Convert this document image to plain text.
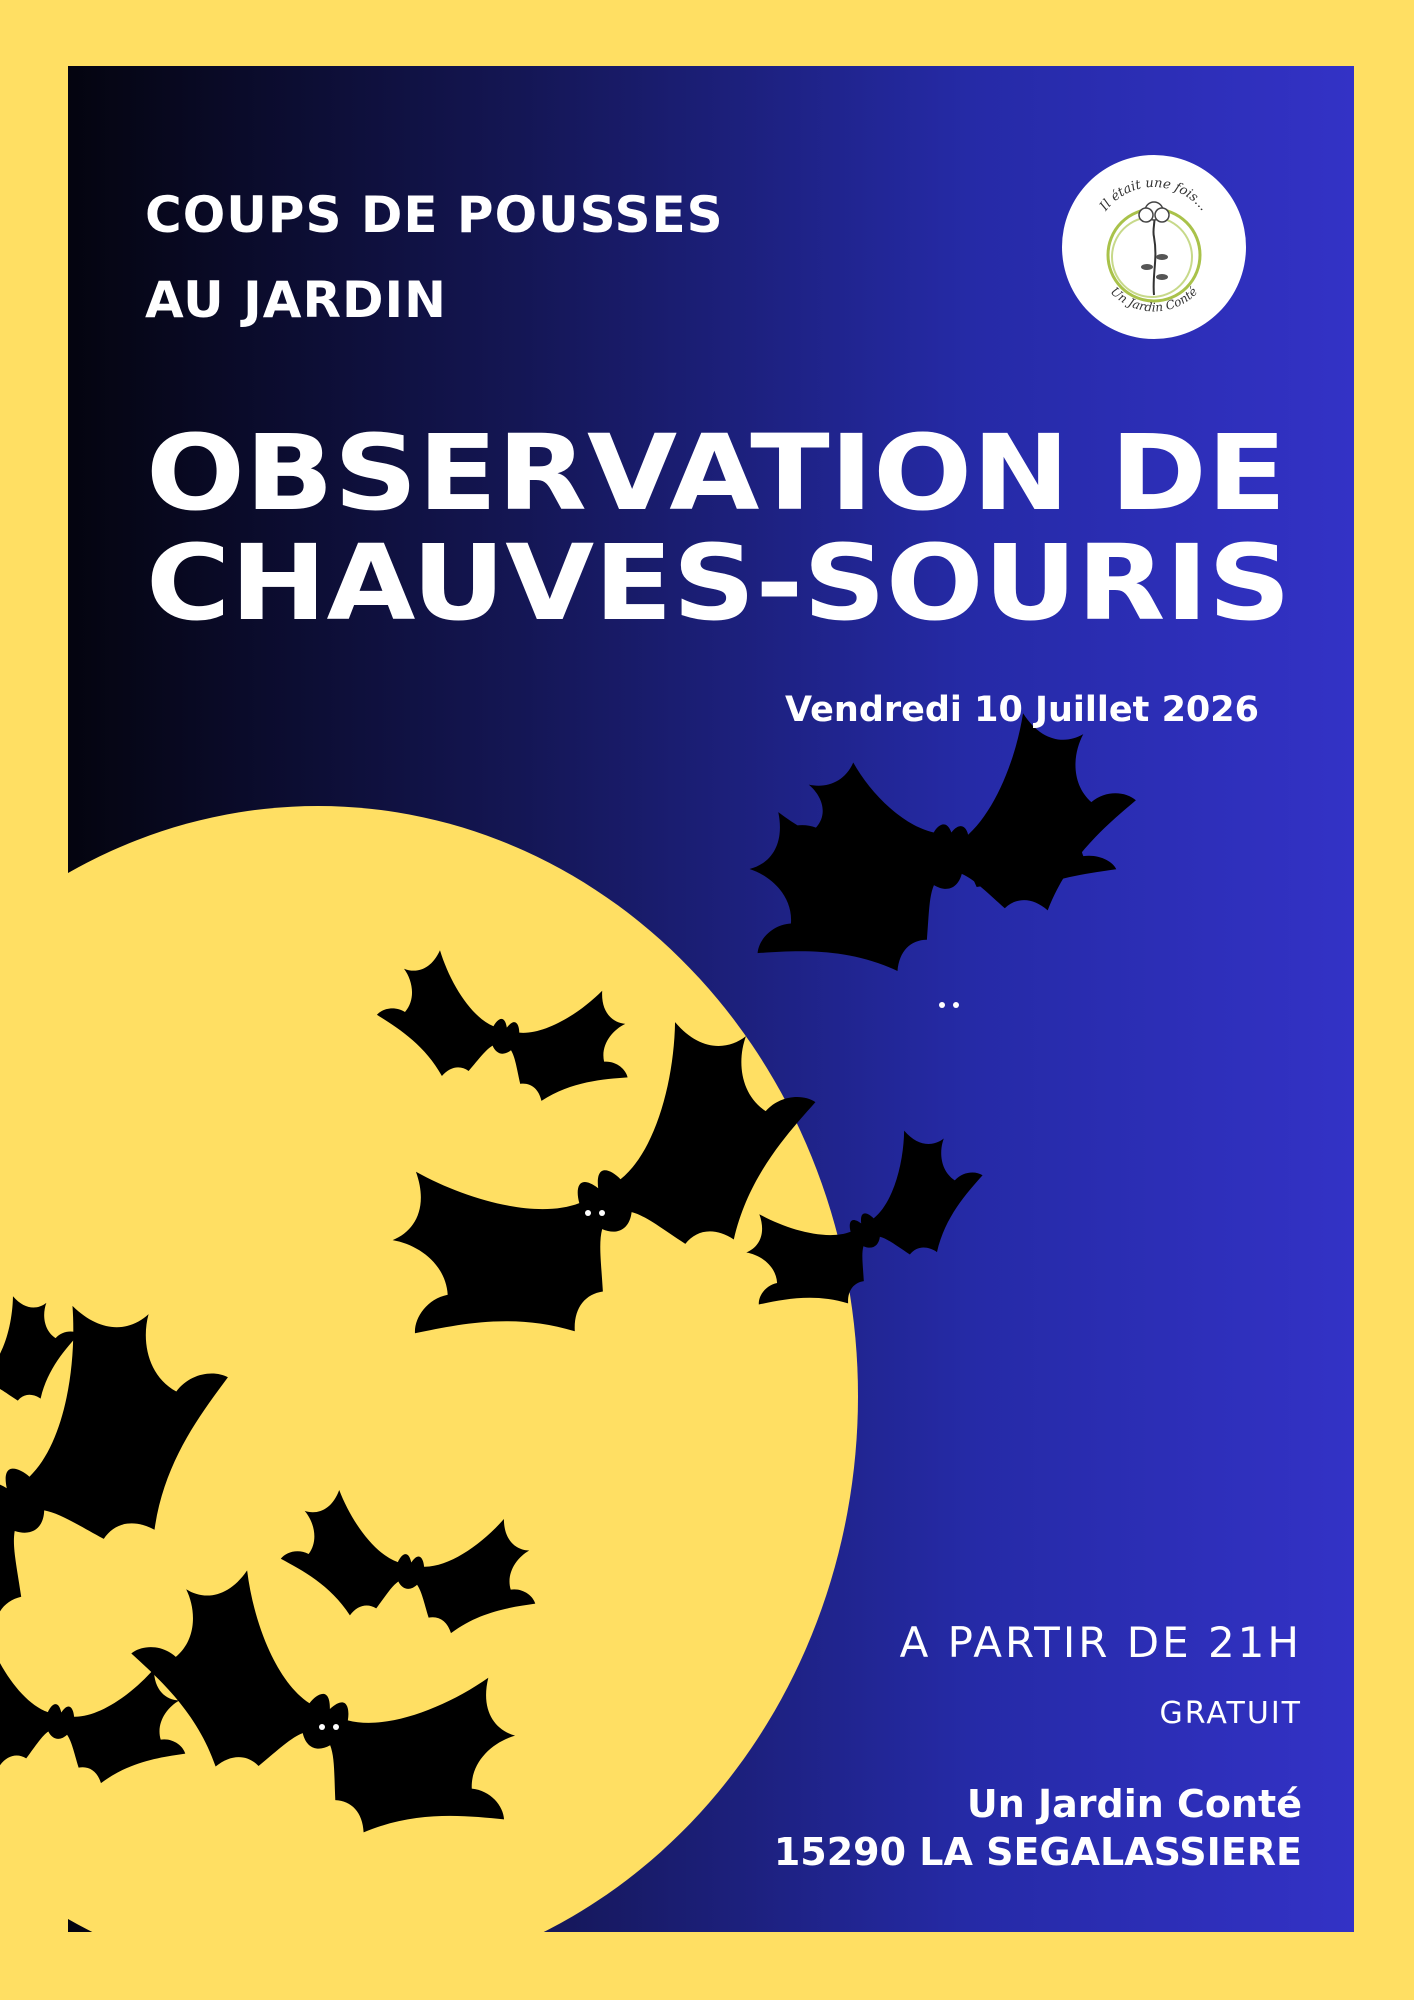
COUPS DE POUSSES

AU JARDIN

OBSERVATION DE
CHAUVES-SOURIS

Vendredi 10 Juillet 2026

A PARTIR DE 21H

GRATUIT

Un Jardin Conté
15290 LA SEGALASSIERE

Il était une fois...
Un Jardin Conté
